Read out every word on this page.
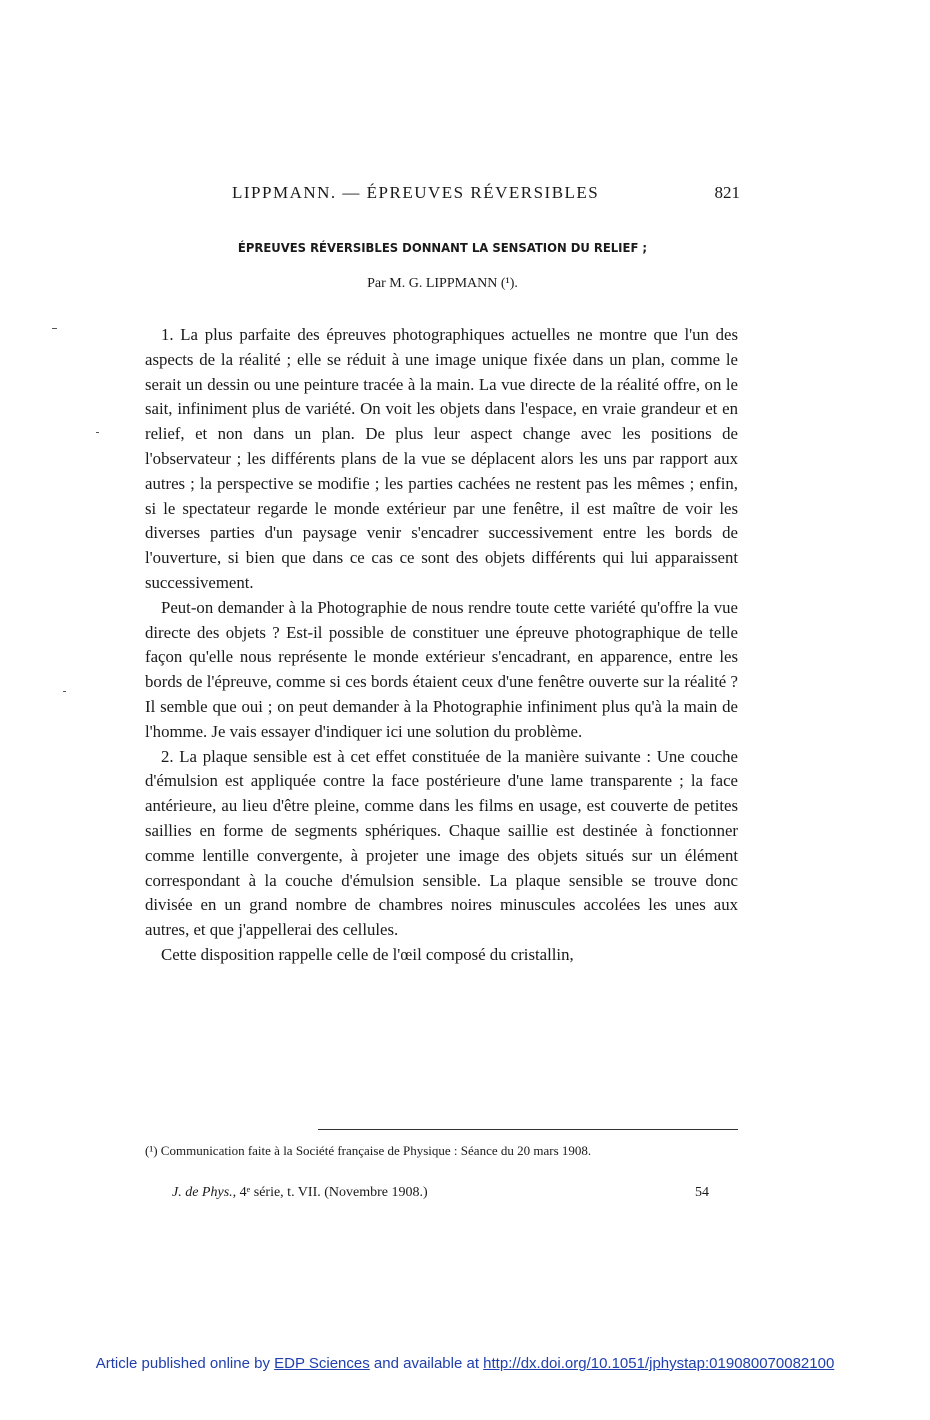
LIPPMANN. — ÉPREUVES RÉVERSIBLES	821
ÉPREUVES RÉVERSIBLES DONNANT LA SENSATION DU RELIEF ;
Par M. G. LIPPMANN (¹).

1. La plus parfaite des épreuves photographiques actuelles ne montre que l'un des aspects de la réalité ; elle se réduit à une image unique fixée dans un plan, comme le serait un dessin ou une peinture tracée à la main. La vue directe de la réalité offre, on le sait, infiniment plus de variété. On voit les objets dans l'espace, en vraie grandeur et en relief, et non dans un plan. De plus leur aspect change avec les positions de l'observateur ; les différents plans de la vue se déplacent alors les uns par rapport aux autres ; la perspective se modifie ; les parties cachées ne restent pas les mêmes ; enfin, si le spectateur regarde le monde extérieur par une fenêtre, il est maître de voir les diverses parties d'un paysage venir s'encadrer successivement entre les bords de l'ouverture, si bien que dans ce cas ce sont des objets différents qui lui apparaissent successivement.

Peut-on demander à la Photographie de nous rendre toute cette variété qu'offre la vue directe des objets ? Est-il possible de constituer une épreuve photographique de telle façon qu'elle nous représente le monde extérieur s'encadrant, en apparence, entre les bords de l'épreuve, comme si ces bords étaient ceux d'une fenêtre ouverte sur la réalité ? Il semble que oui ; on peut demander à la Photographie infiniment plus qu'à la main de l'homme. Je vais essayer d'indiquer ici une solution du problème.

2. La plaque sensible est à cet effet constituée de la manière suivante : Une couche d'émulsion est appliquée contre la face postérieure d'une lame transparente ; la face antérieure, au lieu d'être pleine, comme dans les films en usage, est couverte de petites saillies en forme de segments sphériques. Chaque saillie est destinée à fonctionner comme lentille convergente, à projeter une image des objets situés sur un élément correspondant à la couche d'émulsion sensible. La plaque sensible se trouve donc divisée en un grand nombre de chambres noires minuscules accolées les unes aux autres, et que j'appellerai des cellules.

Cette disposition rappelle celle de l'œil composé du cristallin,

(¹) Communication faite à la Société française de Physique : Séance du 20 mars 1908.
J. de Phys., 4ᵉ série, t. VII. (Novembre 1908.)	54
Article published online by EDP Sciences and available at http://dx.doi.org/10.1051/jphystap:019080070082100
